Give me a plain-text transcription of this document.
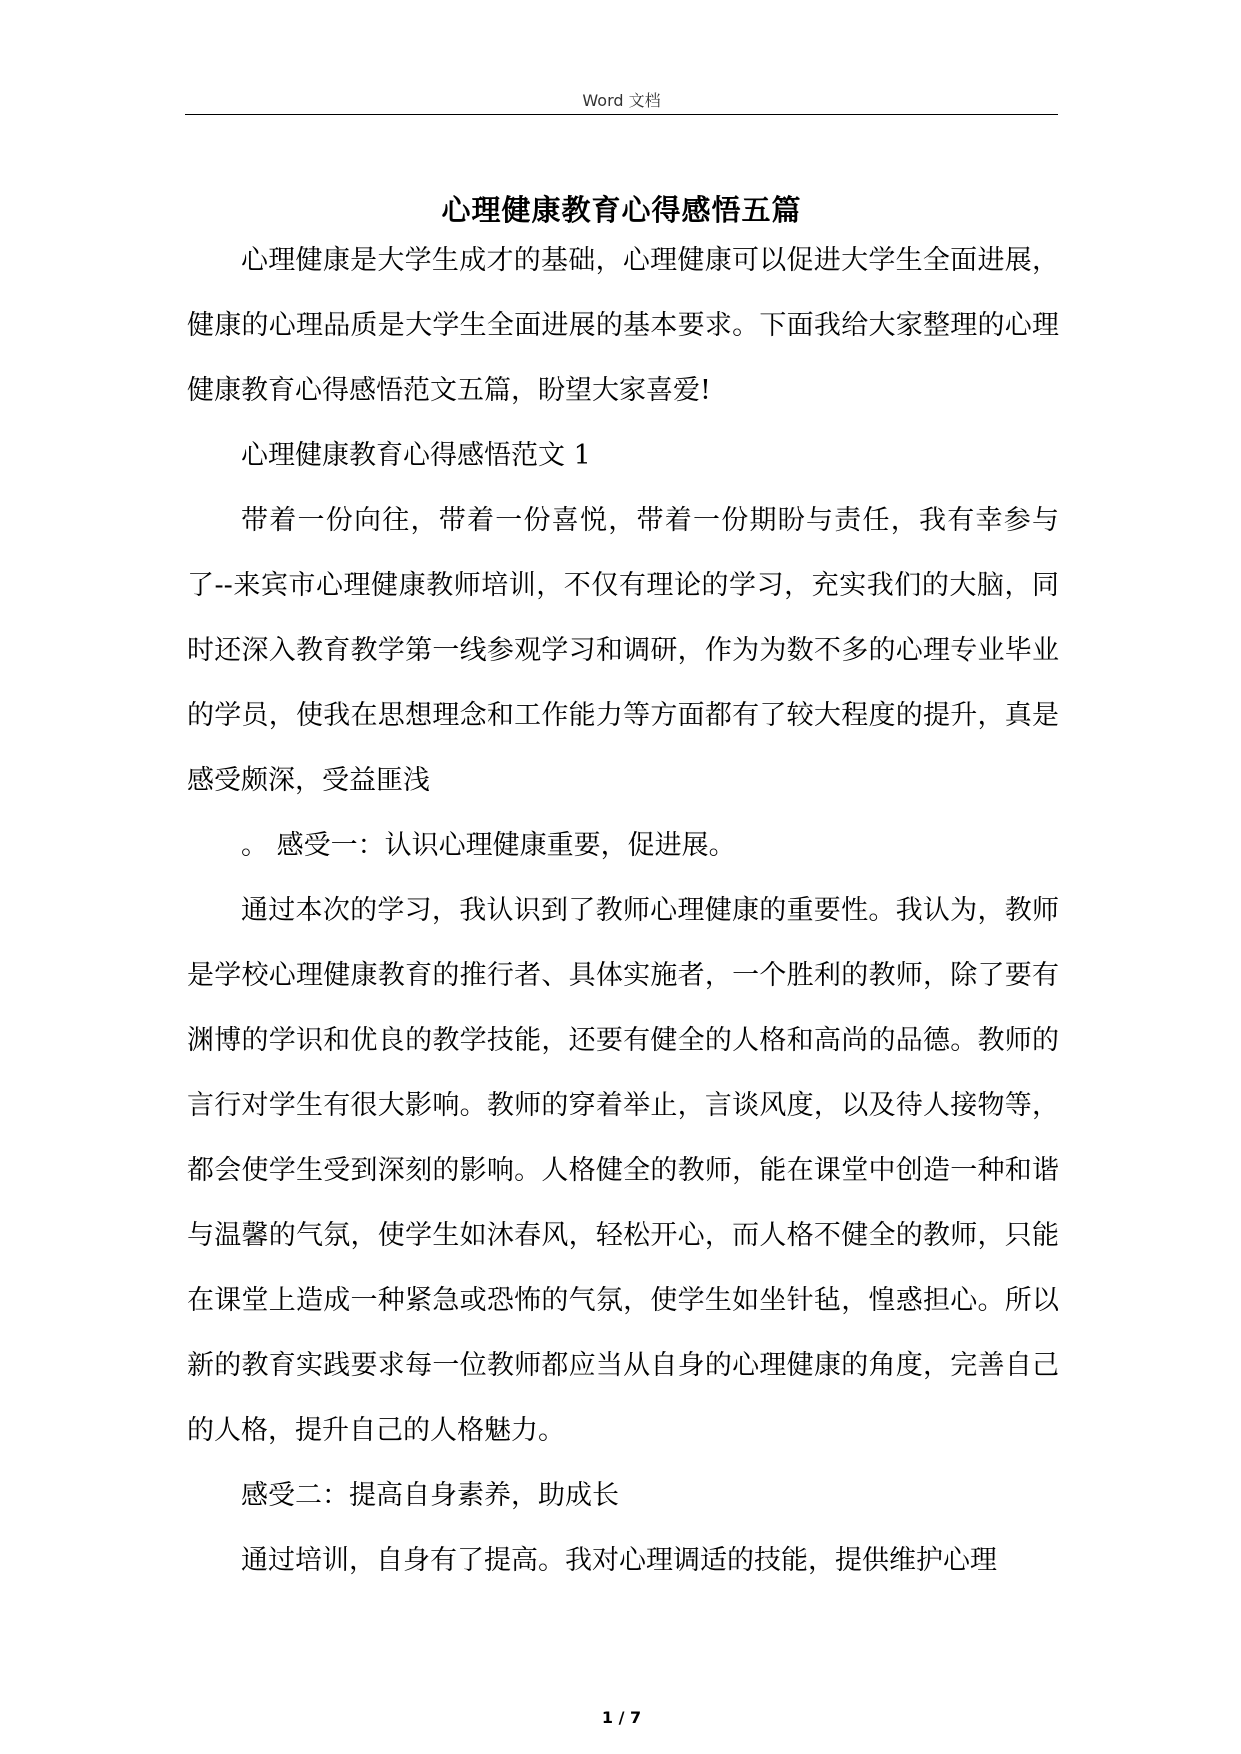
Word 文档
心理健康教育心得感悟五篇

心理健康是大学生成才的基础，心理健康可以促进大学生全面进展，健康的心理品质是大学生全面进展的基本要求。下面我给大家整理的心理健康教育心得感悟范文五篇，盼望大家喜爱!

心理健康教育心得感悟范文 1

带着一份向往，带着一份喜悦，带着一份期盼与责任，我有幸参与了--来宾市心理健康教师培训，不仅有理论的学习，充实我们的大脑，同时还深入教育教学第一线参观学习和调研，作为为数不多的心理专业毕业的学员，使我在思想理念和工作能力等方面都有了较大程度的提升，真是感受颇深，受益匪浅

。 感受一：认识心理健康重要，促进展。

通过本次的学习，我认识到了教师心理健康的重要性。我认为，教师是学校心理健康教育的推行者、具体实施者，一个胜利的教师，除了要有渊博的学识和优良的教学技能，还要有健全的人格和高尚的品德。教师的言行对学生有很大影响。教师的穿着举止，言谈风度，以及待人接物等，都会使学生受到深刻的影响。人格健全的教师，能在课堂中创造一种和谐与温馨的气氛，使学生如沐春风，轻松开心，而人格不健全的教师，只能在课堂上造成一种紧急或恐怖的气氛，使学生如坐针毡，惶惑担心。所以新的教育实践要求每一位教师都应当从自身的心理健康的角度，完善自己的人格，提升自己的人格魅力。

感受二：提高自身素养，助成长

通过培训，自身有了提高。我对心理调适的技能，提供维护心理

1 / 7
